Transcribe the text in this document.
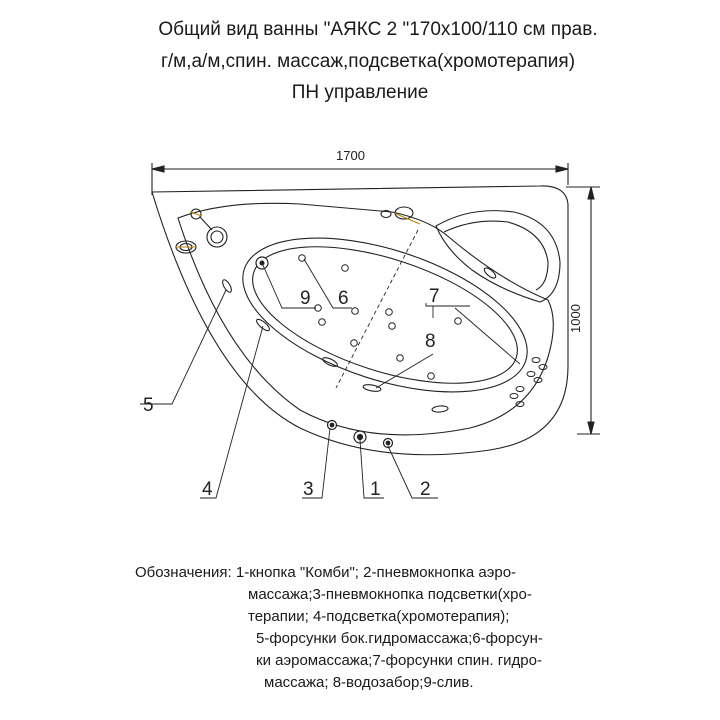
Общий вид ванны "АЯКС 2 "170х100/110 см прав.
г/м,а/м,спин. массаж,подсветка(хромотерапия)
ПН управление
1 2
3
4
5
6	7
8
9
1700
1000
Обозначения: 1-кнопка "Комби"; 2-пневмокнопка аэро-
массажа;3-пневмокнопка подсветки(хро-
терапии; 4-подсветка(хромотерапия);
5-форсунки бок.гидромассажа;6-форсун-
ки аэромассажа;7-форсунки спин. гидро-
массажа; 8-водозабор;9-слив.
